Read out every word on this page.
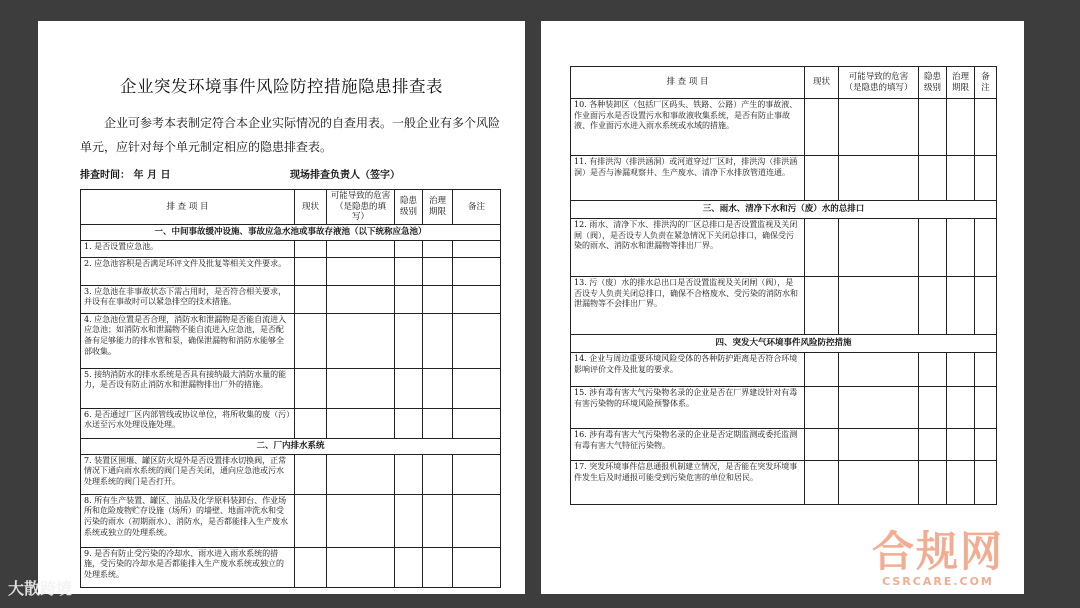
企业突发环境事件风险防控措施隐患排查表
企业可参考本表制定符合本企业实际情况的自查用表。一般企业有多个风险单元，应针对每个单元制定相应的隐患排查表。
排查时间： 年 月 日	现场排查负责人（签字）
排 查 项 目	现状	可能导致的危害（是隐患的填写）	隐患级别	治理期限	备注
一、中间事故缓冲设施、事故应急水池或事故存液池（以下统称应急池）					
1. 是否设置应急池。					
2. 应急池容积是否满足环评文件及批复等相关文件要求。					
3. 应急池在非事故状态下需占用时，是否符合相关要求，并设有在事故时可以紧急排空的技术措施。					
4. 应急池位置是否合理，消防水和泄漏物是否能自流进入应急池；如消防水和泄漏物不能自流进入应急池，是否配备有足够能力的排水管和泵，确保泄漏物和消防水能够全部收集。					
5. 接纳消防水的排水系统是否具有接纳最大消防水量的能力，是否设有防止消防水和泄漏物排出厂外的措施。					
6. 是否通过厂区内部管线或协议单位，将所收集的废（污）水送至污水处理设施处理。					
二、厂内排水系统					
7. 装置区围堰、罐区防火堤外是否设置排水切换阀，正常情况下通向雨水系统的阀门是否关闭，通向应急池或污水处理系统的阀门是否打开。					
8. 所有生产装置、罐区、油品及化学原料装卸台、作业场所和危险废物贮存设施（场所）的墙壁、地面冲洗水和受污染的雨水（初期雨水）、消防水，是否都能排入生产废水系统或独立的处理系统。					
9. 是否有防止受污染的冷却水、雨水进入雨水系统的措施，受污染的冷却水是否都能排入生产废水系统或独立的处理系统。					
排 查 项 目	现状	可能导致的危害（是隐患的填写）	隐患级别	治理期限	备注
10. 各种装卸区（包括厂区码头、铁路、公路）产生的事故液、作业面污水是否设置污水和事故液收集系统，是否有防止事故液、作业面污水进入雨水系统或水域的措施。					
11. 有排洪沟（排洪涵洞）或河道穿过厂区时，排洪沟（排洪涵洞）是否与渗漏观察井、生产废水、清净下水排放管道连通。					
三、雨水、清净下水和污（废）水的总排口					
12. 雨水、清净下水、排洪沟的厂区总排口是否设置监视及关闭闸（阀），是否设专人负责在紧急情况下关闭总排口，确保受污染的雨水、消防水和泄漏物等排出厂界。					
13. 污（废）水的排水总出口是否设置监视及关闭闸（阀），是否设专人负责关闭总排口，确保不合格废水、受污染的消防水和泄漏物等不会排出厂界。					
四、突发大气环境事件风险防控措施					
14. 企业与周边重要环境风险受体的各种防护距离是否符合环境影响评价文件及批复的要求。					
15. 涉有毒有害大气污染物名录的企业是否在厂界建设针对有毒有害污染物的环境风险预警体系。					
16. 涉有毒有害大气污染物名录的企业是否定期监测或委托监测有毒有害大气特征污染物。					
17. 突发环境事件信息通报机制建立情况，是否能在突发环境事件发生后及时通报可能受到污染危害的单位和居民。					
合规网
CSRCARE.COM
大散跨境
